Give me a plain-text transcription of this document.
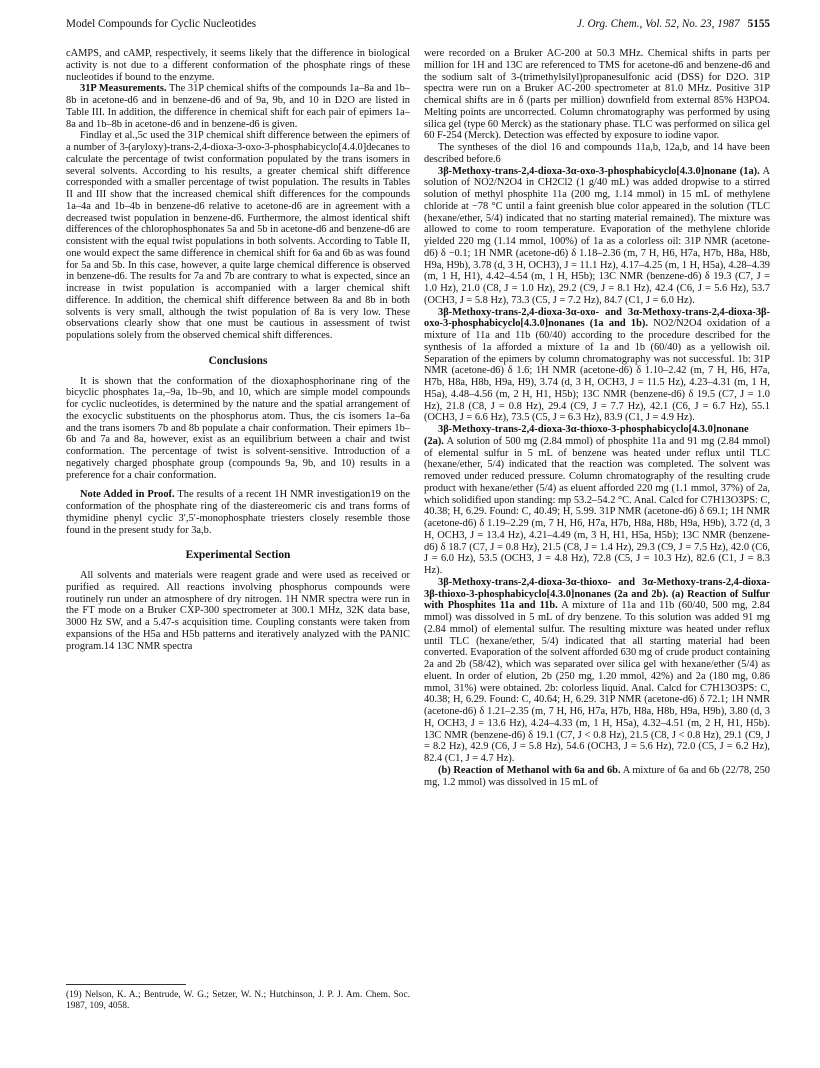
Model Compounds for Cyclic Nucleotides	J. Org. Chem., Vol. 52, No. 23, 1987 5155

cAMPS, and cAMP, respectively, it seems likely that the difference in biological activity is not due to a different conformation of the phosphate rings of these nucleotides if bound to the enzyme.

31P Measurements. The 31P chemical shifts of the compounds 1a–8a and 1b–8b in acetone-d6 and in benzene-d6 and of 9a, 9b, and 10 in D2O are listed in Table III. In addition, the difference in chemical shift for each pair of epimers 1a–8a and 1b–8b in acetone-d6 and in benzene-d6 is given.

Findlay et al.,5c used the 31P chemical shift difference between the epimers of a number of 3-(aryloxy)-trans-2,4-dioxa-3-oxo-3-phosphabicyclo[4.4.0]decanes to calculate the percentage of twist conformation populated by the trans isomers in several solvents. According to his results, a greater chemical shift difference corresponded with a smaller percentage of twist population. The results in Tables II and III show that the increased chemical shift differences for the compounds 1a–4a and 1b–4b in benzene-d6 relative to acetone-d6 are in agreement with a decreased twist population in benzene-d6. Furthermore, the almost identical shift differences of the chlorophosphonates 5a and 5b in acetone-d6 and benzene-d6 are consistent with the equal twist populations in both solvents. According to Table II, one would expect the same difference in chemical shift for 6a and 6b as was found for 5a and 5b. In this case, however, a quite large chemical difference is observed in benzene-d6. The results for 7a and 7b are contrary to what is expected, since an increase in twist population is accompanied with a larger chemical shift difference. In addition, the chemical shift difference between 8a and 8b in both solvents is very small, although the twist population of 8a is very low. These observations clearly show that one must be cautious in assessment of twist populations solely from the observed chemical shift differences.

Conclusions

It is shown that the conformation of the dioxaphosphorinane ring of the bicyclic phosphates 1a,–9a, 1b–9b, and 10, which are simple model compounds for cyclic nucleotides, is determined by the nature and the spatial arrangement of the exocyclic substituents on the phosphorus atom. Thus, the cis isomers 1a–6a and the trans isomers 7b and 8b populate a chair conformation. Their epimers 1b–6b and 7a and 8a, however, exist as an equilibrium between a chair and twist conformation. The percentage of twist is solvent-sensitive. Introduction of a negatively charged phosphate group (compounds 9a, 9b, and 10) results in a preference for a chair conformation.

Note Added in Proof. The results of a recent 1H NMR investigation19 on the conformation of the phosphate ring of the diastereomeric cis and trans forms of thymidine phenyl cyclic 3′,5′-monophosphate triesters closely resemble those found in the present study for 3a,b.

Experimental Section

All solvents and materials were reagent grade and were used as received or purified as required. All reactions involving phosphorus compounds were routinely run under an atmosphere of dry nitrogen. 1H NMR spectra were run in the FT mode on a Bruker CXP-300 spectrometer at 300.1 MHz, 32K data base, 3000 Hz SW, and a 5.47-s acquisition time. Coupling constants were taken from expansions of the H5a and H5b patterns and iteratively analyzed with the PANIC program.14 13C NMR spectra

were recorded on a Bruker AC-200 at 50.3 MHz. Chemical shifts in parts per million for 1H and 13C are referenced to TMS for acetone-d6 and benzene-d6 and the sodium salt of 3-(trimethylsilyl)propanesulfonic acid (DSS) for D2O. 31P spectra were run on a Bruker AC-200 spectrometer at 81.0 MHz. Positive 31P chemical shifts are in δ (parts per million) downfield from external 85% H3PO4. Melting points are uncorrected. Column chromatography was performed by using silica gel (type 60 Merck) as the stationary phase. TLC was performed on silica gel 60 F-254 (Merck). Detection was effected by exposure to iodine vapor.

The syntheses of the diol 16 and compounds 11a,b, 12a,b, and 14 have been described before.6

3β-Methoxy-trans-2,4-dioxa-3α-oxo-3-phosphabicyclo[4.3.0]nonane (1a). A solution of NO2/N2O4 in CH2Cl2 (1 g/40 mL) was added dropwise to a stirred solution of methyl phosphite 11a (200 mg, 1.14 mmol) in 15 mL of methylene chloride at −78 °C until a faint greenish blue color appeared in the solution (TLC (hexane/ether, 5/4) indicated that no starting material remained). The mixture was allowed to come to room temperature. Evaporation of the methylene chloride yielded 220 mg (1.14 mmol, 100%) of 1a as a colorless oil: 31P NMR (acetone-d6) δ −0.1; 1H NMR (acetone-d6) δ 1.18–2.36 (m, 7 H, H6, H7a, H7b, H8a, H8b, H9a, H9b), 3.78 (d, 3 H, OCH3), J = 11.1 Hz), 4.17–4.25 (m, 1 H, H5a), 4.28–4.39 (m, 1 H, H1), 4.42–4.54 (m, 1 H, H5b); 13C NMR (benzene-d6) δ 19.3 (C7, J = 1.0 Hz), 21.0 (C8, J = 1.0 Hz), 29.2 (C9, J = 8.1 Hz), 42.4 (C6, J = 5.6 Hz), 53.7 (OCH3, J = 5.8 Hz), 73.3 (C5, J = 7.2 Hz), 84.7 (C1, J = 6.0 Hz).

3β-Methoxy-trans-2,4-dioxa-3α-oxo- and 3α-Methoxy-trans-2,4-dioxa-3β-oxo-3-phosphabicyclo[4.3.0]nonanes (1a and 1b). NO2/N2O4 oxidation of a mixture of 11a and 11b (60/40) according to the procedure described for the synthesis of 1a afforded a mixture of 1a and 1b (60/40) as a yellowish oil. Separation of the epimers by column chromatography was not successful. 1b: 31P NMR (acetone-d6) δ 1.6; 1H NMR (acetone-d6) δ 1.10–2.42 (m, 7 H, H6, H7a, H7b, H8a, H8b, H9a, H9), 3.74 (d, 3 H, OCH3, J = 11.5 Hz), 4.23–4.31 (m, 1 H, H5a), 4.48–4.56 (m, 2 H, H1, H5b); 13C NMR (benzene-d6) δ 19.5 (C7, J = 1.0 Hz), 21.8 (C8, J = 0.8 Hz), 29.4 (C9, J = 7.7 Hz), 42.1 (C6, J = 6.7 Hz), 55.1 (OCH3, J = 6.6 Hz), 73.5 (C5, J = 6.3 Hz), 83.9 (C1, J = 4.9 Hz).

3β-Methoxy-trans-2,4-dioxa-3α-thioxo-3-phosphabicyclo[4.3.0]nonane (2a). A solution of 500 mg (2.84 mmol) of phosphite 11a and 91 mg (2.84 mmol) of elemental sulfur in 5 mL of benzene was heated under reflux until TLC (hexane/ether, 5/4) indicated that the reaction was completed. The solvent was removed under reduced pressure. Column chromatography of the resulting crude product with hexane/ether (5/4) as eluent afforded 220 mg (1.1 mmol, 37%) of 2a, which solidified upon standing: mp 53.2–54.2 °C. Anal. Calcd for C7H13O3PS: C, 40.38; H, 6.29. Found: C, 40.49; H, 5.99. 31P NMR (acetone-d6) δ 69.1; 1H NMR (acetone-d6) δ 1.19–2.29 (m, 7 H, H6, H7a, H7b, H8a, H8b, H9a, H9b), 3.72 (d, 3 H, OCH3, J = 13.4 Hz), 4.21–4.49 (m, 3 H, H1, H5a, H5b); 13C NMR (benzene-d6) δ 18.7 (C7, J = 0.8 Hz), 21.5 (C8, J = 1.4 Hz), 29.3 (C9, J = 7.5 Hz), 42.0 (C6, J = 6.0 Hz), 53.5 (OCH3, J = 4.8 Hz), 72.8 (C5, J = 10.3 Hz), 82.6 (C1, J = 8.3 Hz).

3β-Methoxy-trans-2,4-dioxa-3α-thioxo- and 3α-Methoxy-trans-2,4-dioxa-3β-thioxo-3-phosphabicyclo[4.3.0]nonanes (2a and 2b). (a) Reaction of Sulfur with Phosphites 11a and 11b. A mixture of 11a and 11b (60/40, 500 mg, 2.84 mmol) was dissolved in 5 mL of dry benzene. To this solution was added 91 mg (2.84 mmol) of elemental sulfur. The resulting mixture was heated under reflux until TLC (hexane/ether, 5/4) indicated that all starting material had been converted. Evaporation of the solvent afforded 630 mg of crude product containing 2a and 2b (58/42), which was separated over silica gel with hexane/ether (5/4) as eluent. In order of elution, 2b (250 mg, 1.20 mmol, 42%) and 2a (180 mg, 0.86 mmol, 31%) were obtained. 2b: colorless liquid. Anal. Calcd for C7H13O3PS: C, 40.38; H, 6.29. Found: C, 40.64; H, 6.29. 31P NMR (acetone-d6) δ 72.1; 1H NMR (acetone-d6) δ 1.21–2.35 (m, 7 H, H6, H7a, H7b, H8a, H8b, H9a, H9b), 3.80 (d, 3 H, OCH3, J = 13.6 Hz), 4.24–4.33 (m, 1 H, H5a), 4.32–4.51 (m, 2 H, H1, H5b). 13C NMR (benzene-d6) δ 19.1 (C7, J < 0.8 Hz), 21.5 (C8, J < 0.8 Hz), 29.1 (C9, J = 8.2 Hz), 42.9 (C6, J = 5.8 Hz), 54.6 (OCH3, J = 5.6 Hz), 72.0 (C5, J = 6.2 Hz), 82.4 (C1, J = 4.7 Hz).

(b) Reaction of Methanol with 6a and 6b. A mixture of 6a and 6b (22/78, 250 mg, 1.2 mmol) was dissolved in 15 mL of

(19) Nelson, K. A.; Bentrude, W. G.; Setzer, W. N.; Hutchinson, J. P. J. Am. Chem. Soc. 1987, 109, 4058.
